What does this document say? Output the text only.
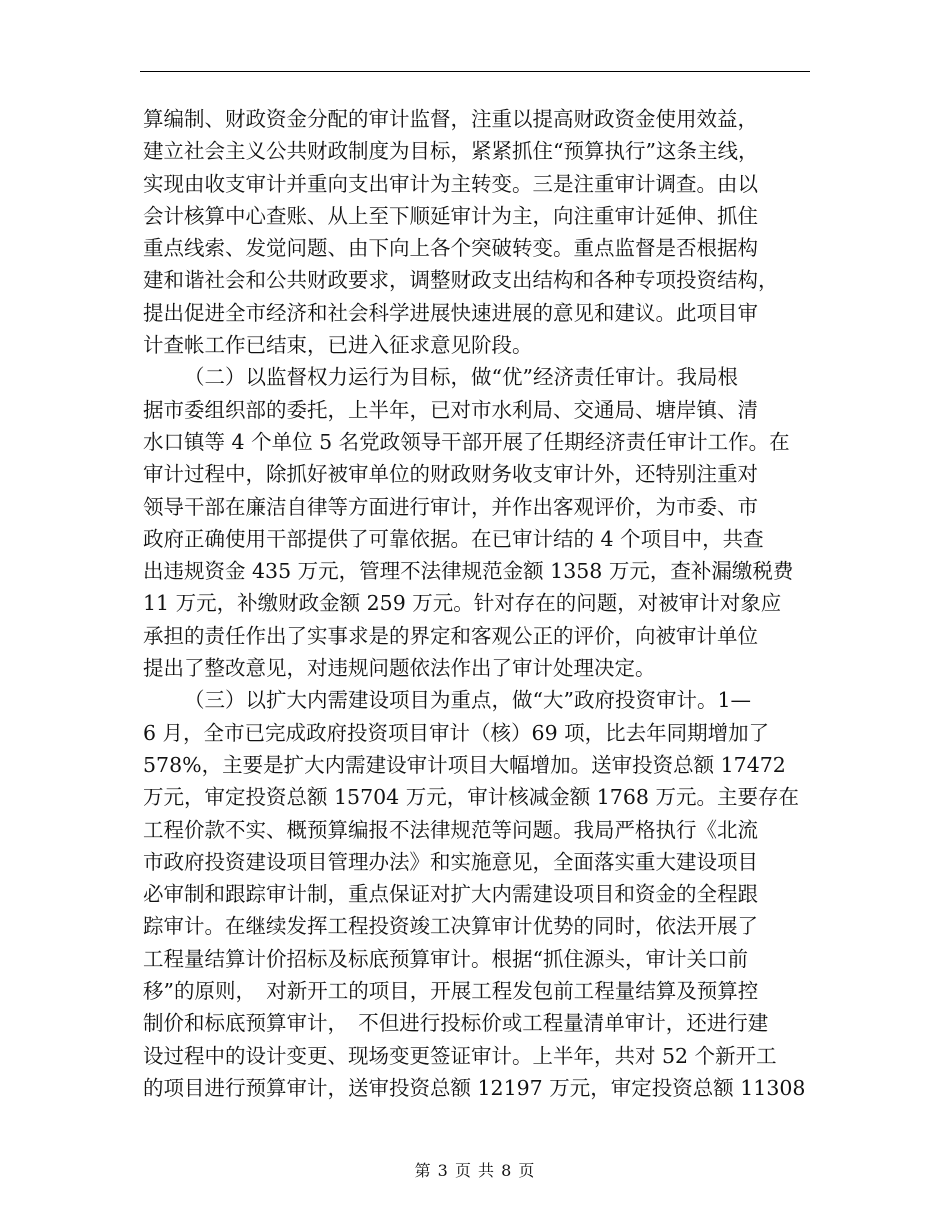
算编制、财政资金分配的审计监督，注重以提高财政资金使用效益，
建立社会主义公共财政制度为目标，紧紧抓住“预算执行”这条主线，
实现由收支审计并重向支出审计为主转变。三是注重审计调查。由以
会计核算中心查账、从上至下顺延审计为主，向注重审计延伸、抓住
重点线索、发觉问题、由下向上各个突破转变。重点监督是否根据构
建和谐社会和公共财政要求，调整财政支出结构和各种专项投资结构，
提出促进全市经济和社会科学进展快速进展的意见和建议。此项目审
计查帐工作已结束，已进入征求意见阶段。
（二）以监督权力运行为目标，做“优”经济责任审计。我局根
据市委组织部的委托，上半年，已对市水利局、交通局、塘岸镇、清
水口镇等 4 个单位 5 名党政领导干部开展了任期经济责任审计工作。在
审计过程中，除抓好被审单位的财政财务收支审计外，还特别注重对
领导干部在廉洁自律等方面进行审计，并作出客观评价，为市委、市
政府正确使用干部提供了可靠依据。在已审计结的 4 个项目中，共查
出违规资金 435 万元，管理不法律规范金额 1358 万元，查补漏缴税费
11 万元，补缴财政金额 259 万元。针对存在的问题，对被审计对象应
承担的责任作出了实事求是的界定和客观公正的评价，向被审计单位
提出了整改意见，对违规问题依法作出了审计处理决定。
（三）以扩大内需建设项目为重点，做“大”政府投资审计。1—
6 月，全市已完成政府投资项目审计（核）69 项，比去年同期增加了
578%，主要是扩大内需建设审计项目大幅增加。送审投资总额 17472
万元，审定投资总额 15704 万元，审计核减金额 1768 万元。主要存在
工程价款不实、概预算编报不法律规范等问题。我局严格执行《北流
市政府投资建设项目管理办法》和实施意见，全面落实重大建设项目
必审制和跟踪审计制，重点保证对扩大内需建设项目和资金的全程跟
踪审计。在继续发挥工程投资竣工决算审计优势的同时，依法开展了
工程量结算计价招标及标底预算审计。根据“抓住源头，审计关口前
移”的原则，　对新开工的项目，开展工程发包前工程量结算及预算控
制价和标底预算审计，　不但进行投标价或工程量清单审计，还进行建
设过程中的设计变更、现场变更签证审计。上半年，共对 52 个新开工
的项目进行预算审计，送审投资总额 12197 万元，审定投资总额 11308
第 3 页 共 8 页
